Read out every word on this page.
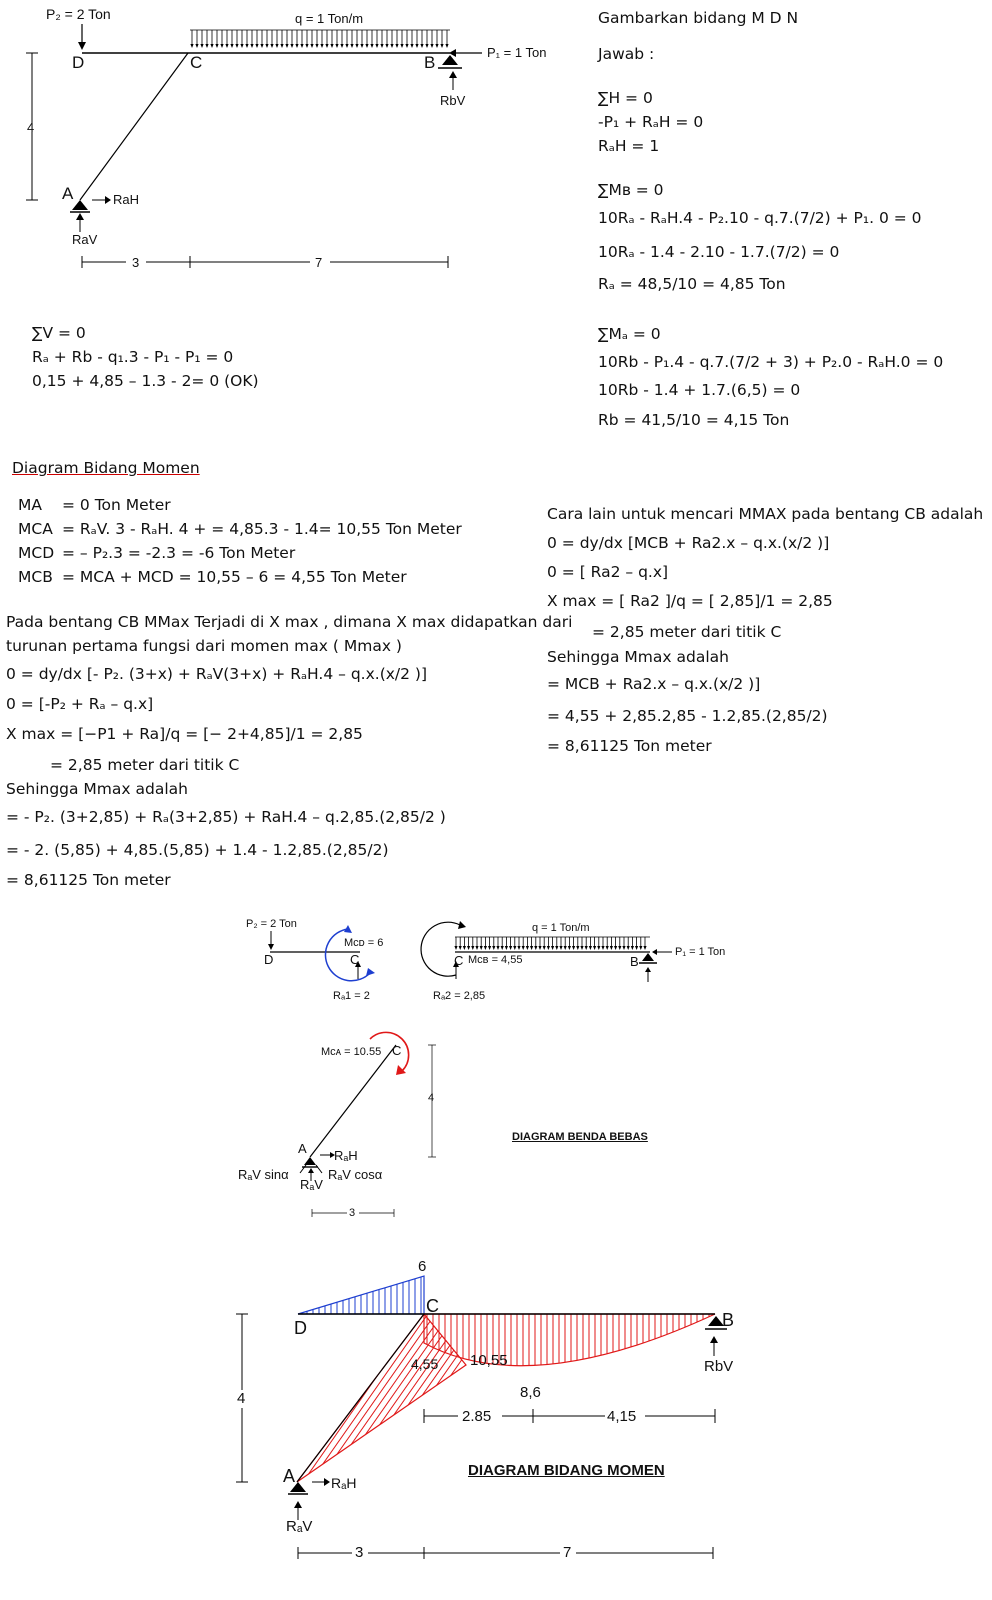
P₂ = 2 Ton	q = 1 Ton/m
P₁ = 1 Ton
D	C	B
RbV
A	RaH
RaV
4
3	7
Gambarkan bidang M D N
Jawab :
∑H = 0
-P₁ + RₐH = 0
RₐH = 1
∑Mʙ = 0
10Rₐ - RₐH.4 - P₂.10 - q.7.(7/2) + P₁. 0 = 0
10Rₐ - 1.4 - 2.10 - 1.7.(7/2) = 0
Rₐ = 48,5/10 = 4,85 Ton
∑Mₐ = 0
10Rb - P₁.4 - q.7.(7/2 + 3) + P₂.0 - RₐH.0 = 0
10Rb - 1.4 + 1.7.(6,5) = 0
Rb = 41,5/10 = 4,15 Ton
∑V = 0
Rₐ + Rb - q₁.3 - P₁ - P₁ = 0
0,15 + 4,85 – 1.3 - 2= 0 (OK)
Diagram Bidang Momen
MA	= 0 Ton Meter
MCA = RₐV. 3 - RₐH. 4 + = 4,85.3 - 1.4= 10,55 Ton Meter
MCD = – P₂.3 = -2.3 = -6 Ton Meter
MCB = MCA + MCD = 10,55 – 6 = 4,55 Ton Meter
Pada bentang CB MMax Terjadi di X max , dimana X max didapatkan dari
turunan pertama fungsi dari momen max ( Mmax )
0 = dy/dx [- P₂. (3+x) + RₐV(3+x) + RₐH.4 – q.x.(x/2 )]
0 = [-P₂ + Rₐ – q.x]
X max = [−P1 + Ra]/q = [− 2+4,85]/1 = 2,85
= 2,85 meter dari titik C
Sehingga Mmax adalah
= - P₂. (3+2,85) + Rₐ(3+2,85) + RaH.4 – q.2,85.(2,85/2 )
= - 2. (5,85) + 4,85.(5,85) + 1.4 - 1.2,85.(2,85/2)
= 8,61125 Ton meter
Cara lain untuk mencari MMAX pada bentang CB adalah
0 = dy/dx [MCB + Ra2.x – q.x.(x/2 )]
0 = [ Ra2 – q.x]
X max = [ Ra2 ]/q = [ 2,85]/1 = 2,85
= 2,85 meter dari titik C
Sehingga Mmax adalah
= MCB + Ra2.x – q.x.(x/2 )]
= 4,55 + 2,85.2,85 - 1.2,85.(2,85/2)
= 8,61125 Ton meter
P₂ = 2 Ton
Mᴄᴅ = 6
D	C
Rₐ1 = 2
q = 1 Ton/m
P₁ = 1 Ton
C Mᴄʙ = 4,55	B
Rₐ2 = 2,85
Mᴄᴀ = 10.55 C
4
A RₐH
RₐV sinα	RₐV cosα
RₐV
3
DIAGRAM BENDA BEBAS
6
C
D	B
4,55 10,55
8,6
2.85	4,15
4
A	RₐH
RₐV
RbV
DIAGRAM BIDANG MOMEN
3	7
